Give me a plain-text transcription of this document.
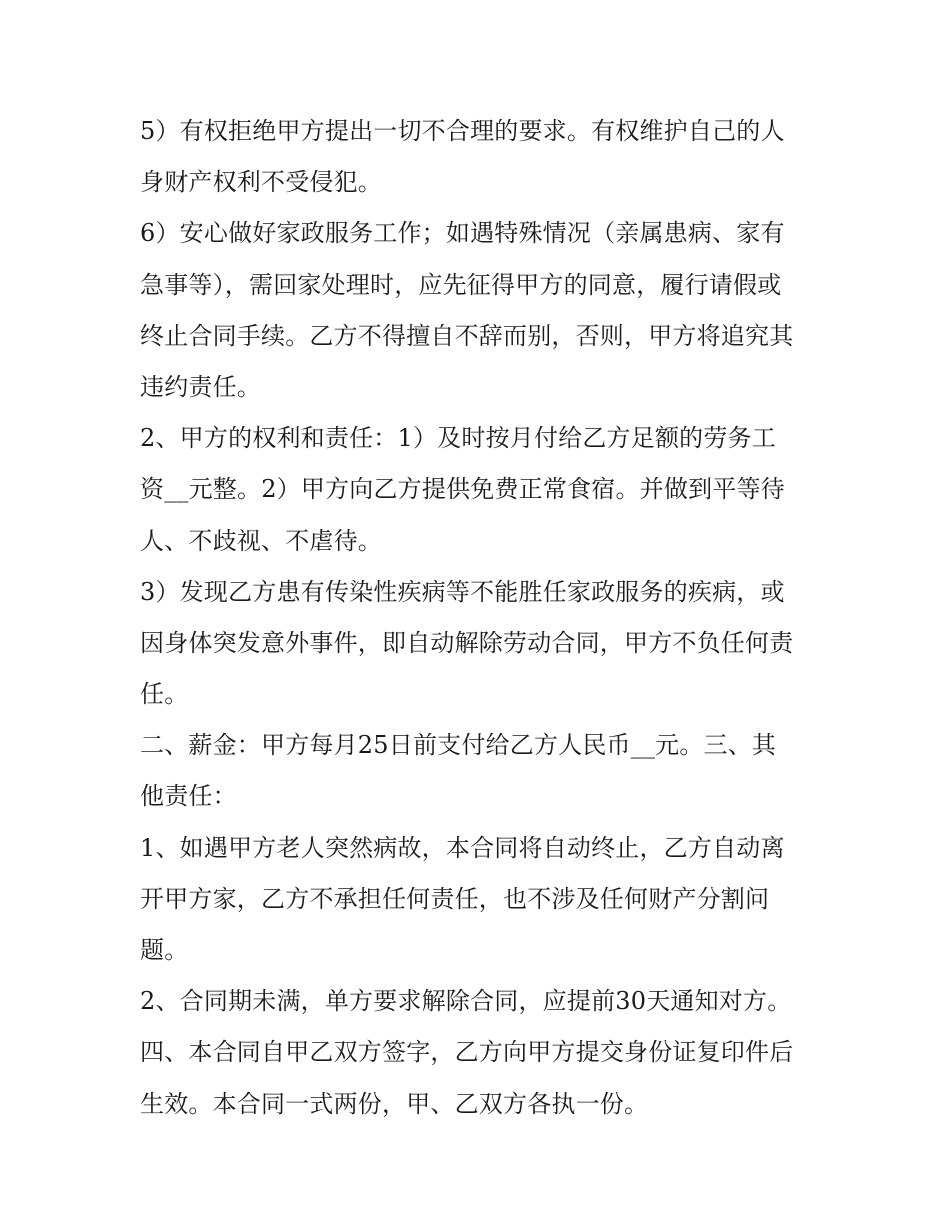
5）有权拒绝甲方提出一切不合理的要求。有权维护自己的人
身财产权利不受侵犯。
6）安心做好家政服务工作；如遇特殊情况（亲属患病、家有
急事等），需回家处理时，应先征得甲方的同意，履行请假或
终止合同手续。乙方不得擅自不辞而别，否则，甲方将追究其
违约责任。
2、甲方的权利和责任：1）及时按月付给乙方足额的劳务工
资__元整。2）甲方向乙方提供免费正常食宿。并做到平等待
人、不歧视、不虐待。
3）发现乙方患有传染性疾病等不能胜任家政服务的疾病，或
因身体突发意外事件，即自动解除劳动合同，甲方不负任何责
任。
二、薪金：甲方每月25日前支付给乙方人民币__元。三、其
他责任：
1、如遇甲方老人突然病故，本合同将自动终止，乙方自动离
开甲方家，乙方不承担任何责任，也不涉及任何财产分割问
题。
2、合同期未满，单方要求解除合同，应提前30天通知对方。
四、本合同自甲乙双方签字，乙方向甲方提交身份证复印件后
生效。本合同一式两份，甲、乙双方各执一份。
